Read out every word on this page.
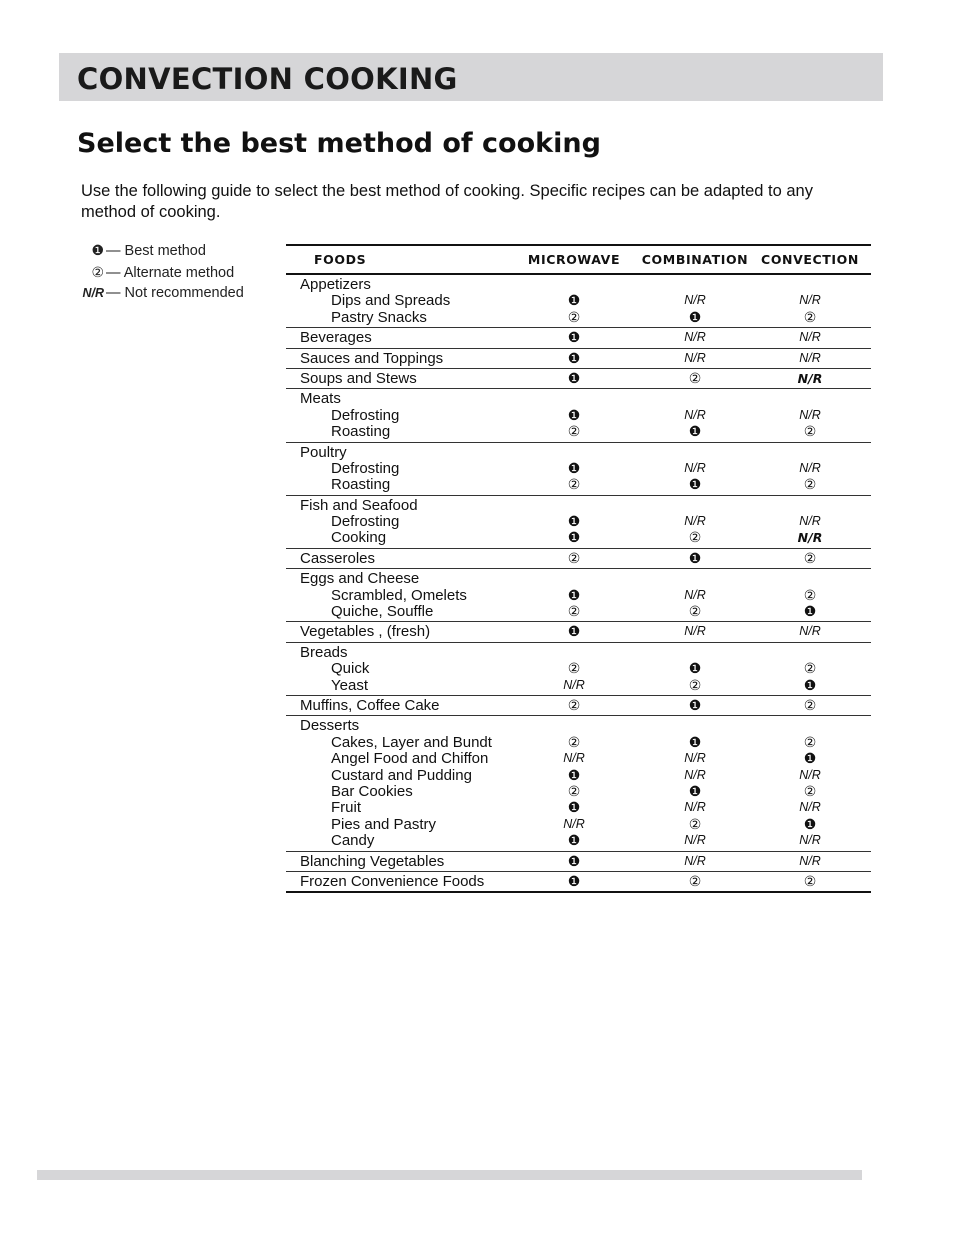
CONVECTION COOKING
Select the best method of cooking

Use the following guide to select the best method of cooking. Specific recipes can be adapted to any method of cooking.

❶ — Best method
② — Alternate method
N/R — Not recommended
FOODS	MICROWAVE COMBINATION CONVECTION
Appetizers
Dips and Spreads	❶	N/R	N/R
Pastry Snacks	②	❶	②
Beverages	❶	N/R	N/R
Sauces and Toppings	❶	N/R	N/R
Soups and Stews	❶	②	N/R
Meats
Defrosting	❶	N/R	N/R
Roasting	②	❶	②
Poultry
Defrosting	❶	N/R	N/R
Roasting	②	❶	②
Fish and Seafood
Defrosting	❶	N/R	N/R
Cooking	❶	②	N/R
Casseroles	②	❶	②
Eggs and Cheese
Scrambled, Omelets	❶	N/R	②
Quiche, Souffle	②	②	❶
Vegetables , (fresh)	❶	N/R	N/R
Breads
Quick	②	❶	②
Yeast	N/R	②	❶
Muffins, Coffee Cake	②	❶	②
Desserts
Cakes, Layer and Bundt	②	❶	②
Angel Food and Chiffon	N/R	N/R	❶
Custard and Pudding	❶	N/R	N/R
Bar Cookies	②	❶	②
Fruit	❶	N/R	N/R
Pies and Pastry	N/R	②	❶
Candy	❶	N/R	N/R
Blanching Vegetables	❶	N/R	N/R
Frozen Convenience Foods	❶	②	②
